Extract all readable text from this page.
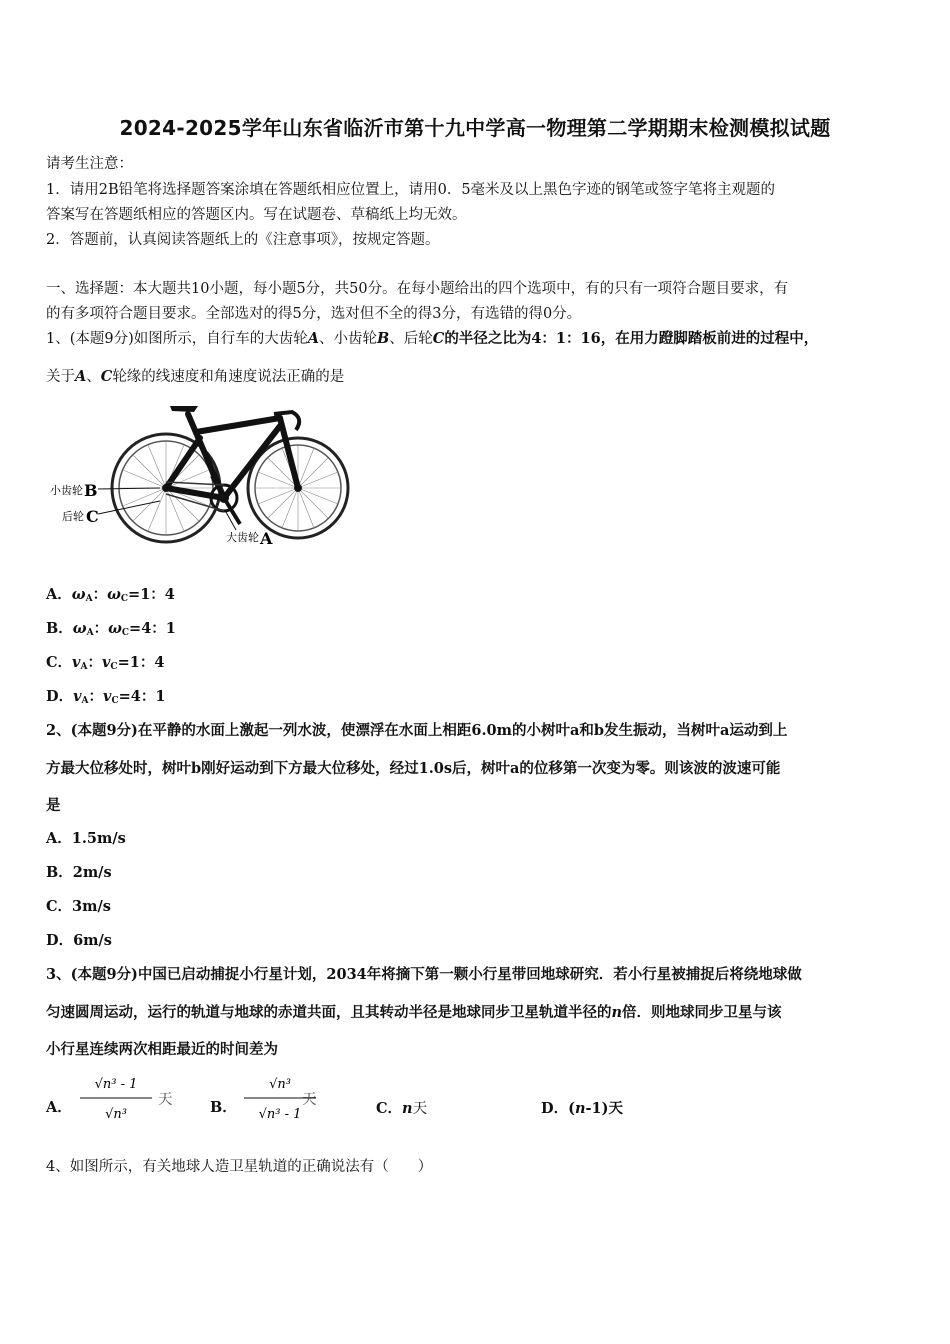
2024-2025学年山东省临沂市第十九中学高一物理第二学期期末检测模拟试题
请考生注意：
1．请用2B铅笔将选择题答案涂填在答题纸相应位置上，请用0．5毫米及以上黑色字迹的钢笔或签字笔将主观题的
答案写在答题纸相应的答题区内。写在试题卷、草稿纸上均无效。
2．答题前，认真阅读答题纸上的《注意事项》，按规定答题。
一、选择题：本大题共10小题，每小题5分，共50分。在每小题给出的四个选项中，有的只有一项符合题目要求，有
的有多项符合题目要求。全部选对的得5分，选对但不全的得3分，有选错的得0分。
1、(本题9分)如图所示，自行车的大齿轮A、小齿轮B、后轮C的半径之比为4：1：16，在用力蹬脚踏板前进的过程中，
关于A、C轮缘的线速度和角速度说法正确的是
小齿轮 B
后轮 C
大齿轮 A
A．$\omega_A$：$\omega_C=1$：4
B．$\omega_A$：$\omega_C=4$：1
C．$v_A$：$v_C=1$：4
D．$v_A$：$v_C=4$：1
2、(本题9分)在平静的水面上激起一列水波，使漂浮在水面上相距6.0m的小树叶a和b发生振动，当树叶a运动到上
方最大位移处时，树叶b刚好运动到下方最大位移处，经过1.0s后，树叶a的位移第一次变为零。则该波的波速可能
是
A．1.5m/s
B．2m/s
C．3m/s
D．6m/s
3、(本题9分)中国已启动捕捉小行星计划，2034年将摘下第一颗小行星带回地球研究．若小行星被捕捉后将绕地球做
匀速圆周运动，运行的轨道与地球的赤道共面，且其转动半径是地球同步卫星轨道半径的n倍．则地球同步卫星与该
小行星连续两次相距最近的时间差为
A．
√n³ - 1
√n³
天	B．
√n³
√n³ - 1
天	C．n天	D．(n-1)天
4、如图所示，有关地球人造卫星轨道的正确说法有（　　）
